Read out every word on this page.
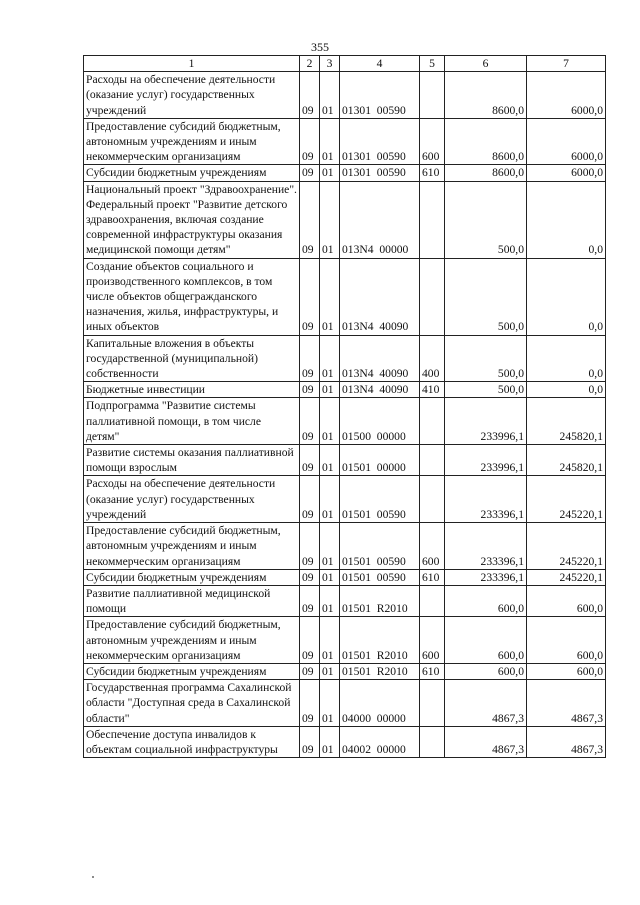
355
1	2	3	4	5	6	7
Расходы на обеспечение деятельности (оказание услуг) государственных учреждений	09	01	01301  00590		8600,0	6000,0
Предоставление субсидий бюджетным, автономным учреждениям и иным некоммерческим организациям	09	01	01301  00590	600	8600,0	6000,0
Субсидии бюджетным учреждениям	09	01	01301  00590	610	8600,0	6000,0
Национальный проект "Здравоохранение". Федеральный проект "Развитие детского здравоохранения, включая создание современной инфраструктуры оказания медицинской помощи детям"	09	01	013N4  00000		500,0	0,0
Создание объектов социального и производственного комплексов, в том числе объектов общегражданского назначения, жилья, инфраструктуры, и иных объектов	09	01	013N4  40090		500,0	0,0
Капитальные вложения в объекты государственной (муниципальной) собственности	09	01	013N4  40090	400	500,0	0,0
Бюджетные инвестиции	09	01	013N4  40090	410	500,0	0,0
Подпрограмма "Развитие системы паллиативной помощи, в том числе детям"	09	01	01500  00000		233996,1	245820,1
Развитие системы оказания паллиативной помощи взрослым	09	01	01501  00000		233996,1	245820,1
Расходы на обеспечение деятельности (оказание услуг) государственных учреждений	09	01	01501  00590		233396,1	245220,1
Предоставление субсидий бюджетным, автономным учреждениям и иным некоммерческим организациям	09	01	01501  00590	600	233396,1	245220,1
Субсидии бюджетным учреждениям	09	01	01501  00590	610	233396,1	245220,1
Развитие паллиативной медицинской помощи	09	01	01501  R2010		600,0	600,0
Предоставление субсидий бюджетным, автономным учреждениям и иным некоммерческим организациям	09	01	01501  R2010	600	600,0	600,0
Субсидии бюджетным учреждениям	09	01	01501  R2010	610	600,0	600,0
Государственная программа Сахалинской области "Доступная среда в Сахалинской области"	09	01	04000  00000		4867,3	4867,3
Обеспечение доступа инвалидов к объектам социальной инфраструктуры	09	01	04002  00000		4867,3	4867,3
